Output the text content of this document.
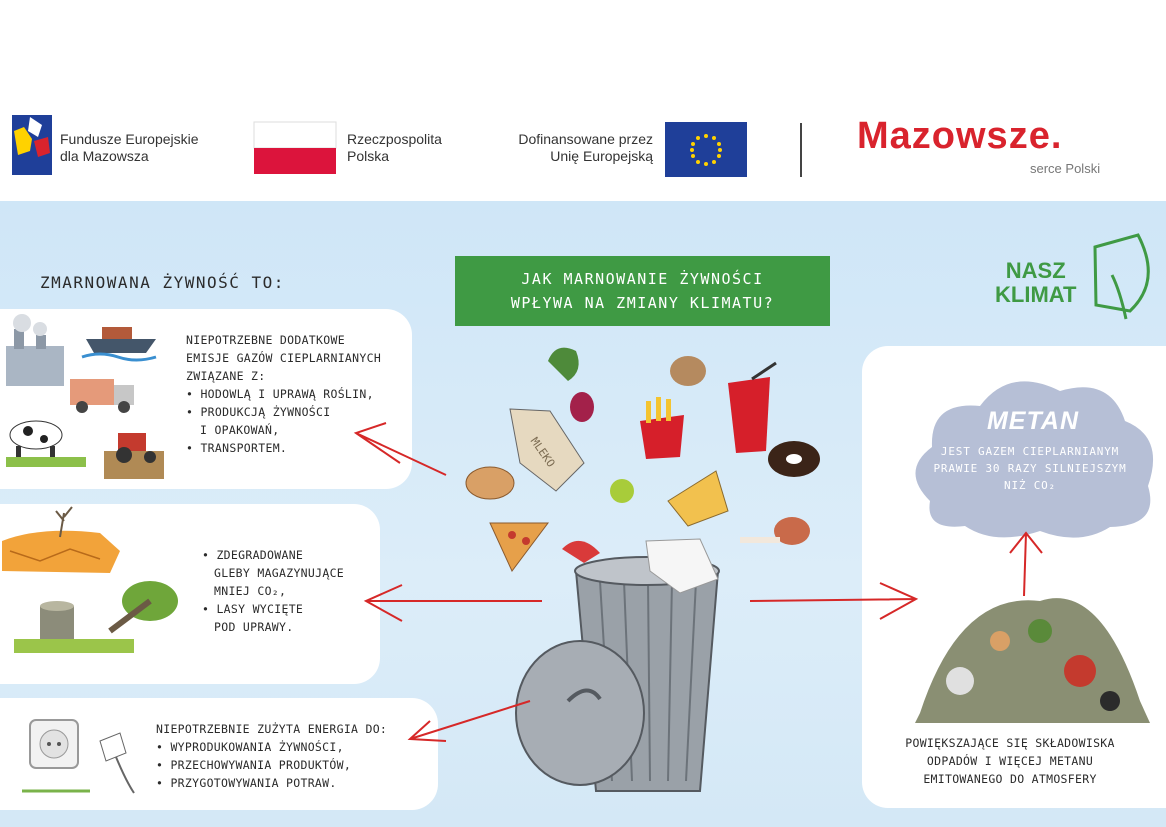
Fundusze Europejskie
dla Mazowsza
Rzeczpospolita
Polska
Dofinansowane przez
Unię Europejską	Mazowsze.
serce Polski
ZMARNOWANA ŻYWNOŚĆ TO:	JAK MARNOWANIE ŻYWNOŚCI
WPŁYWA NA ZMIANY KLIMATU?
NASZ
KLIMAT
MLEKO
NIEPOTRZEBNE DODATKOWE
EMISJE GAZÓW CIEPLARNIANYCH
ZWIĄZANE Z:
• HODOWLĄ I UPRAWĄ ROŚLIN,
• PRODUKCJĄ ŻYWNOŚCI
I OPAKOWAŃ,
• TRANSPORTEM.
• ZDEGRADOWANE
GLEBY MAGAZYNUJĄCE
MNIEJ CO₂,
• LASY WYCIĘTE
POD UPRAWY.
NIEPOTRZEBNIE ZUŻYTA ENERGIA DO:
• WYPRODUKOWANIA ŻYWNOŚCI,
• PRZECHOWYWANIA PRODUKTÓW,
• PRZYGOTOWYWANIA POTRAW.
METAN
JEST GAZEM CIEPLARNIANYM
PRAWIE 30 RAZY SILNIEJSZYM
NIŻ CO₂
POWIĘKSZAJĄCE SIĘ SKŁADOWISKA
ODPADÓW I WIĘCEJ METANU
EMITOWANEGO DO ATMOSFERY
